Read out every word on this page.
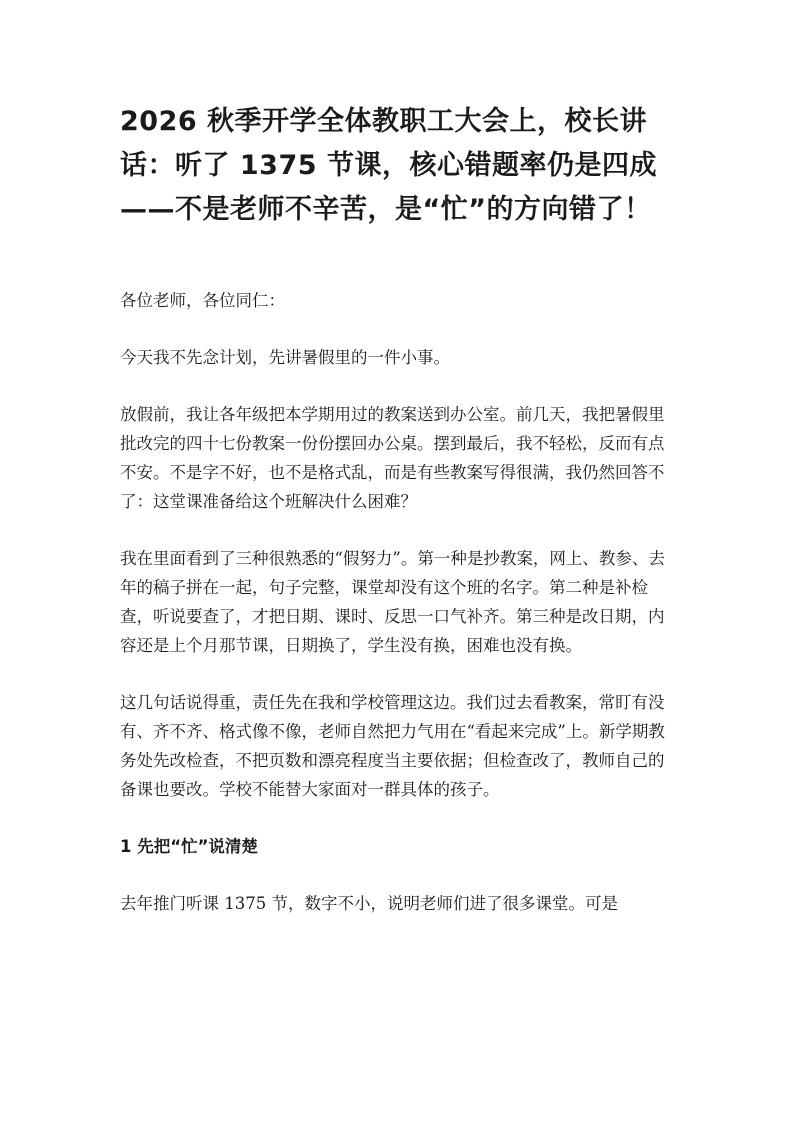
2026 秋季开学全体教职工大会上，校长讲话：听了 1375 节课，核心错题率仍是四成——不是老师不辛苦，是“忙”的方向错了！

各位老师，各位同仁：

今天我不先念计划，先讲暑假里的一件小事。

放假前，我让各年级把本学期用过的教案送到办公室。前几天，我把暑假里批改完的四十七份教案一份份摆回办公桌。摆到最后，我不轻松，反而有点不安。不是字不好，也不是格式乱，而是有些教案写得很满，我仍然回答不了：这堂课准备给这个班解决什么困难？

我在里面看到了三种很熟悉的“假努力”。第一种是抄教案，网上、教参、去年的稿子拼在一起，句子完整，课堂却没有这个班的名字。第二种是补检查，听说要查了，才把日期、课时、反思一口气补齐。第三种是改日期，内容还是上个月那节课，日期换了，学生没有换，困难也没有换。

这几句话说得重，责任先在我和学校管理这边。我们过去看教案，常盯有没有、齐不齐、格式像不像，老师自然把力气用在“看起来完成”上。新学期教务处先改检查，不把页数和漂亮程度当主要依据；但检查改了，教师自己的备课也要改。学校不能替大家面对一群具体的孩子。

1 先把“忙”说清楚

去年推门听课 1375 节，数字不小，说明老师们进了很多课堂。可是
